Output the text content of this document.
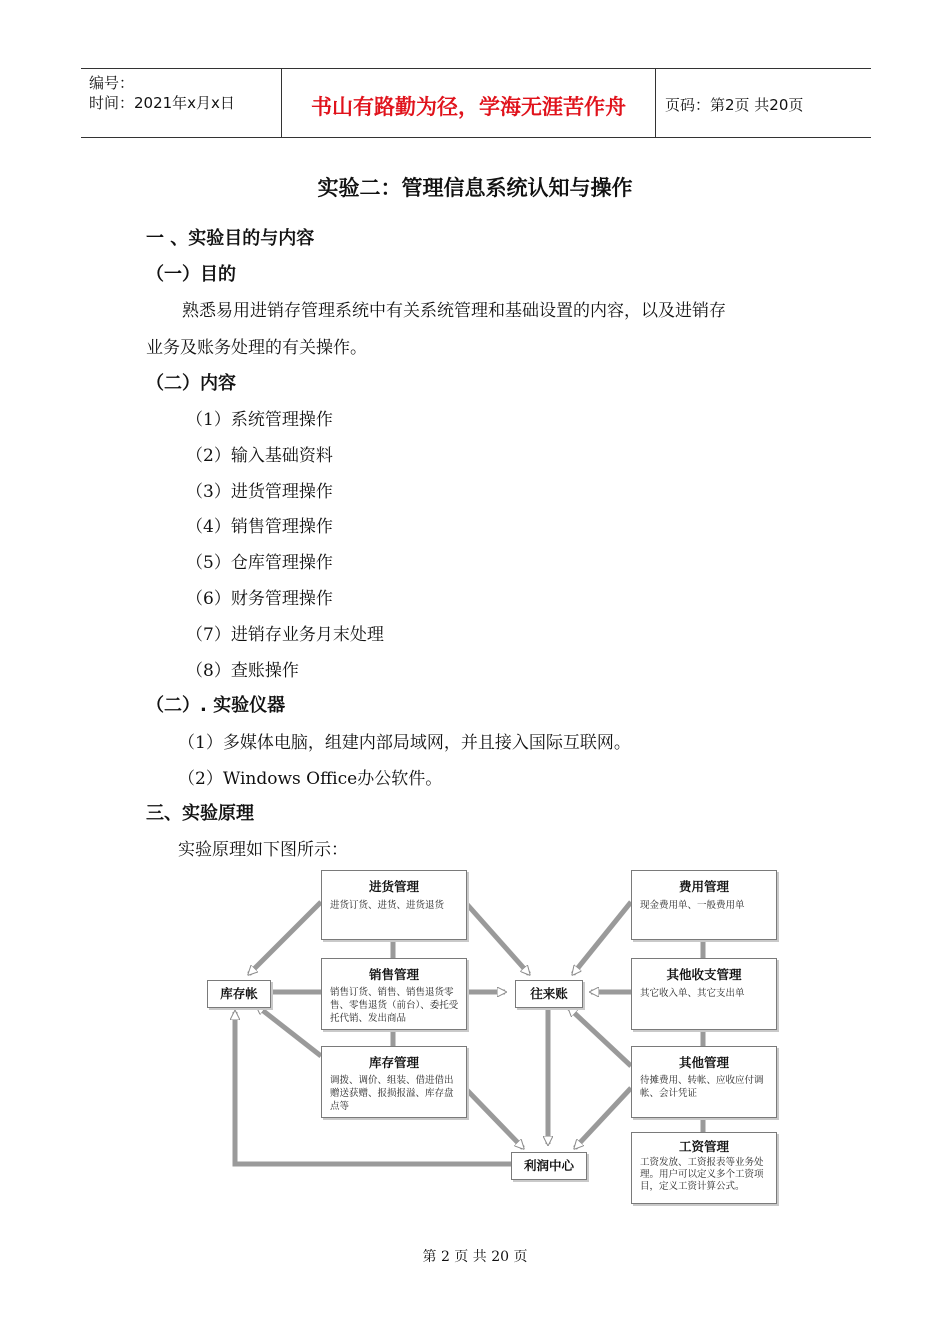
编号：
时间：2021年x月x日	书山有路勤为径，学海无涯苦作舟	页码：第2页 共20页
实验二：管理信息系统认知与操作
一 、实验目的与内容
（一）目的
熟悉易用进销存管理系统中有关系统管理和基础设置的内容，以及进销存
业务及账务处理的有关操作。
（二）内容
（1）系统管理操作
（2）输入基础资料
（3）进货管理操作
（4）销售管理操作
（5）仓库管理操作
（6）财务管理操作
（7）进销存业务月末处理
（8）查账操作
（二）. 实验仪器
（1）多媒体电脑，组建内部局域网，并且接入国际互联网。
（2）Windows Office办公软件。
三、实验原理
实验原理如下图所示：
进货管理
进货订货、进货、进货退货
销售管理
销售订货、销售、销售退货零售、零售退货（前台）、委托受托代销、发出商品
库存管理
调拨、调价、组装、借进借出赠送获赠、报损报溢、库存盘点等
库存帐	往来账
利润中心
费用管理
现金费用单、一般费用单
其他收支管理
其它收入单、其它支出单
其他管理
待摊费用、转帐、应收应付调帐、会计凭证
工资管理
工资发放、工资报表等业务处理。用户可以定义多个工资项目，定义工资计算公式。
第 2 页 共 20 页
